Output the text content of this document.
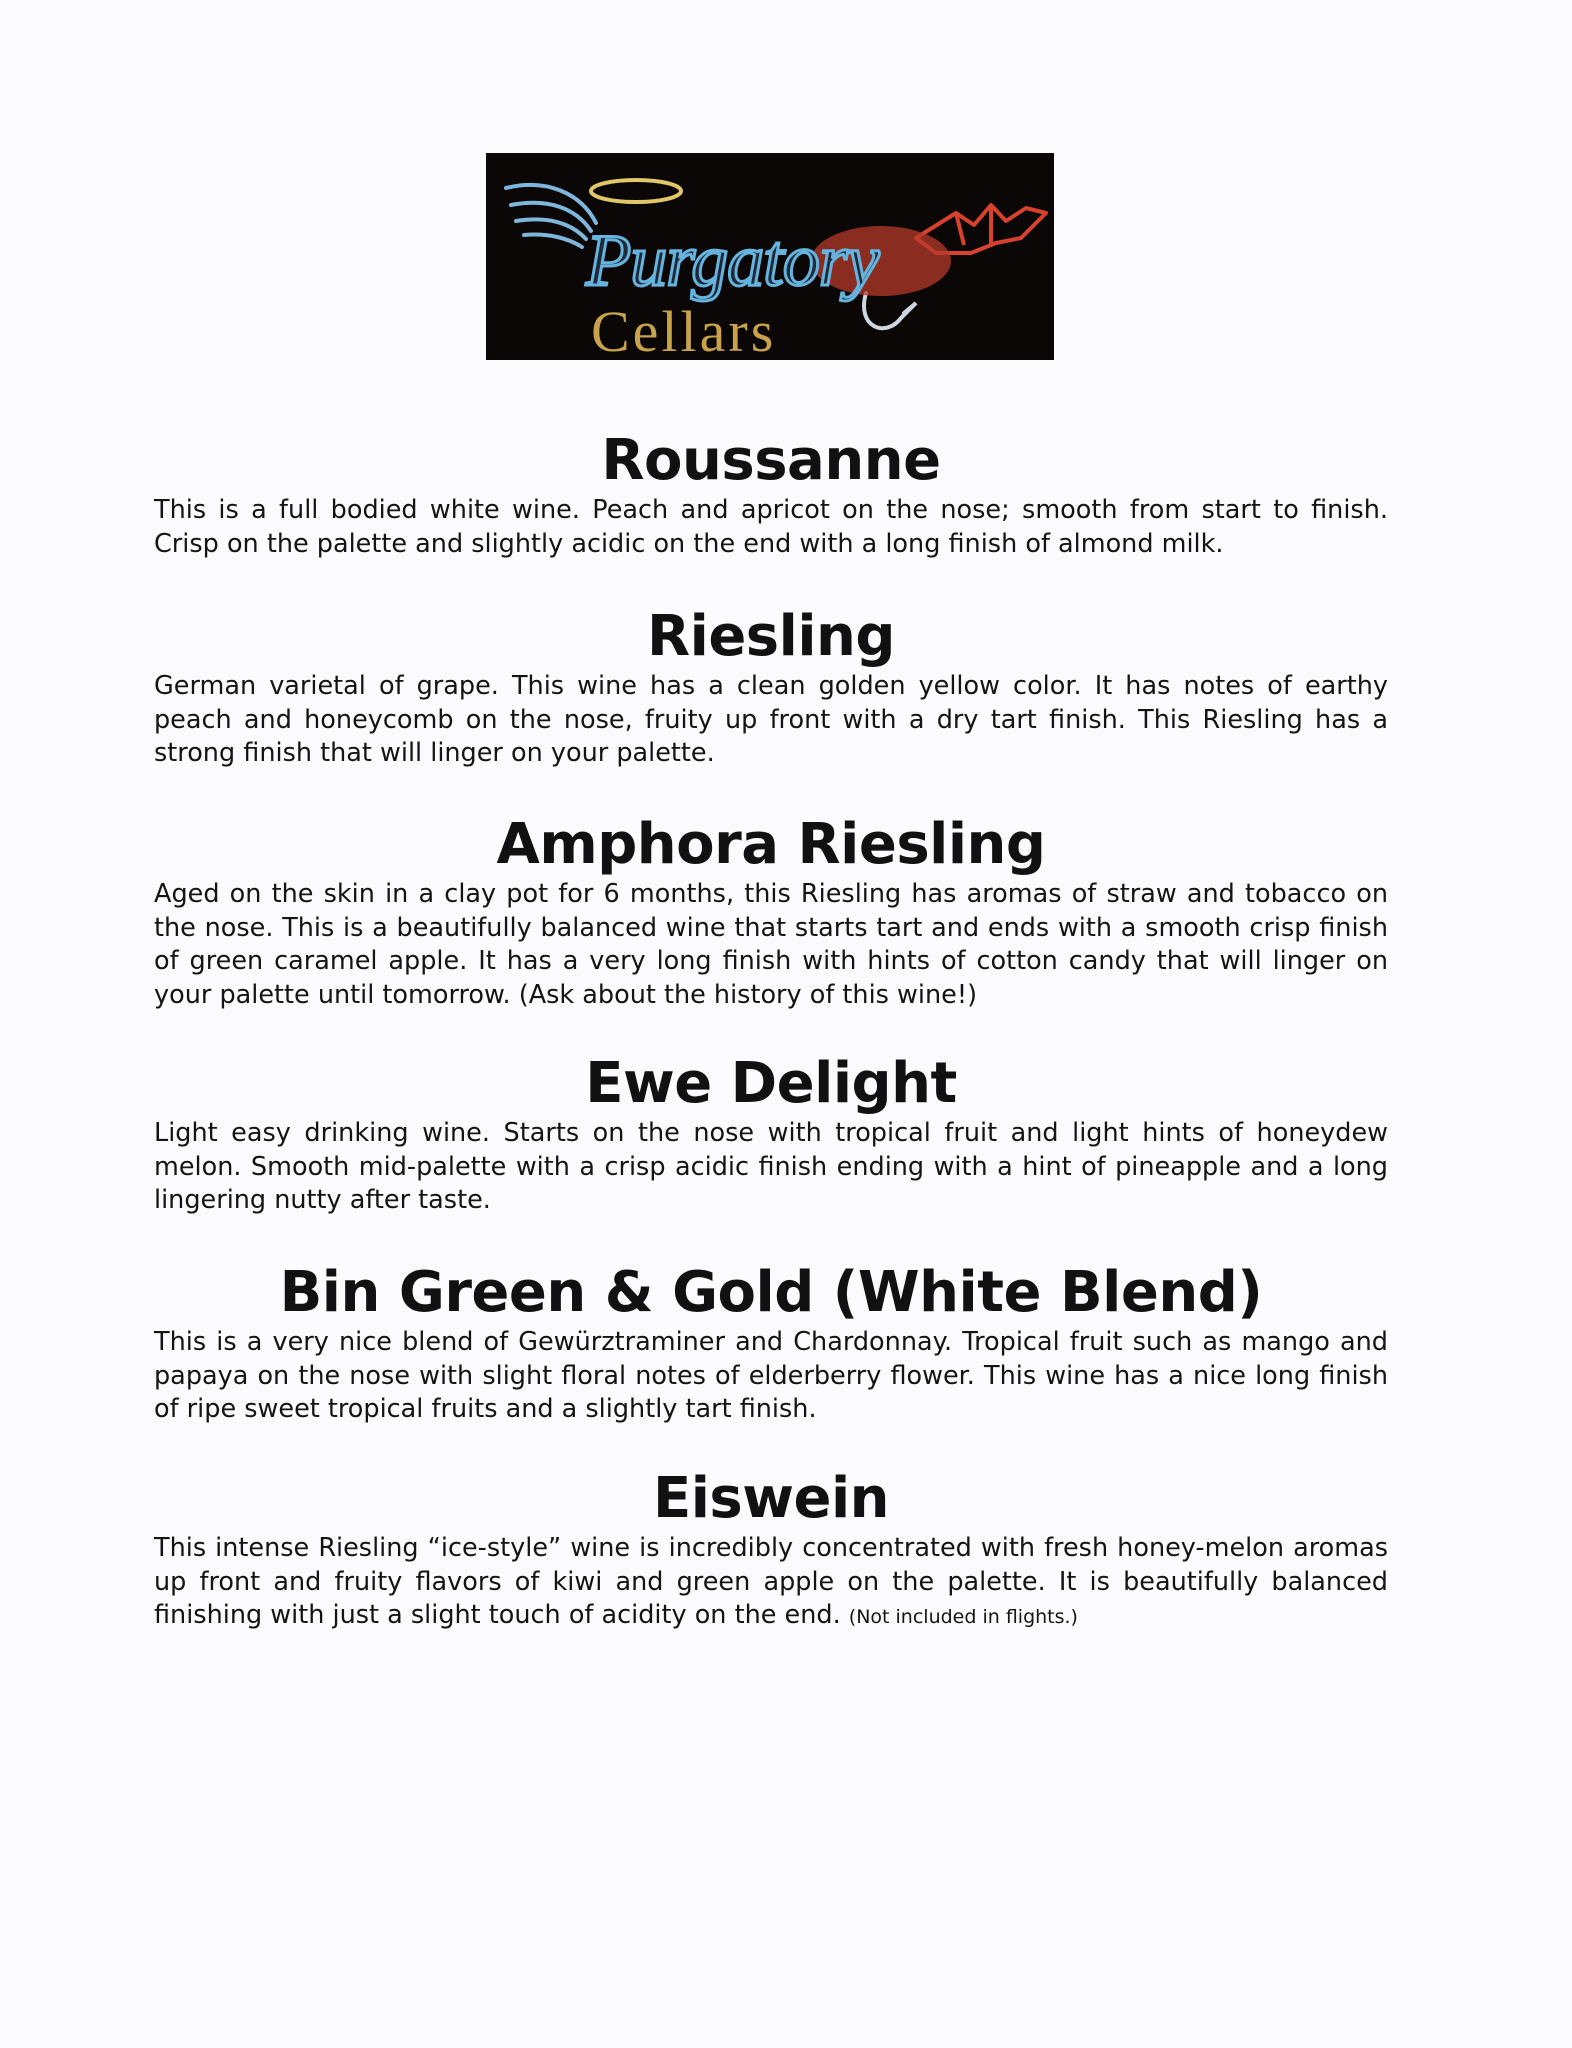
Purgatory
Cellars
Roussanne

This is a full bodied white wine. Peach and apricot on the nose; smooth from start to finish. Crisp on the palette and slightly acidic on the end with a long finish of almond milk.

Riesling

German varietal of grape. This wine has a clean golden yellow color. It has notes of earthy peach and honeycomb on the nose, fruity up front with a dry tart finish. This Riesling has a strong finish that will linger on your palette.

Amphora Riesling

Aged on the skin in a clay pot for 6 months, this Riesling has aromas of straw and tobacco on the nose. This is a beautifully balanced wine that starts tart and ends with a smooth crisp finish of green caramel apple. It has a very long finish with hints of cotton candy that will linger on your palette until tomorrow. (Ask about the history of this wine!)

Ewe Delight

Light easy drinking wine. Starts on the nose with tropical fruit and light hints of honeydew melon. Smooth mid-palette with a crisp acidic finish ending with a hint of pineapple and a long lingering nutty after taste.

Bin Green & Gold (White Blend)

This is a very nice blend of Gewürztraminer and Chardonnay. Tropical fruit such as mango and papaya on the nose with slight floral notes of elderberry flower. This wine has a nice long finish of ripe sweet tropical fruits and a slightly tart finish.

Eiswein

This intense Riesling “ice-style” wine is incredibly concentrated with fresh honey-melon aromas up front and fruity flavors of kiwi and green apple on the palette. It is beautifully balanced finishing with just a slight touch of acidity on the end. (Not included in flights.)
